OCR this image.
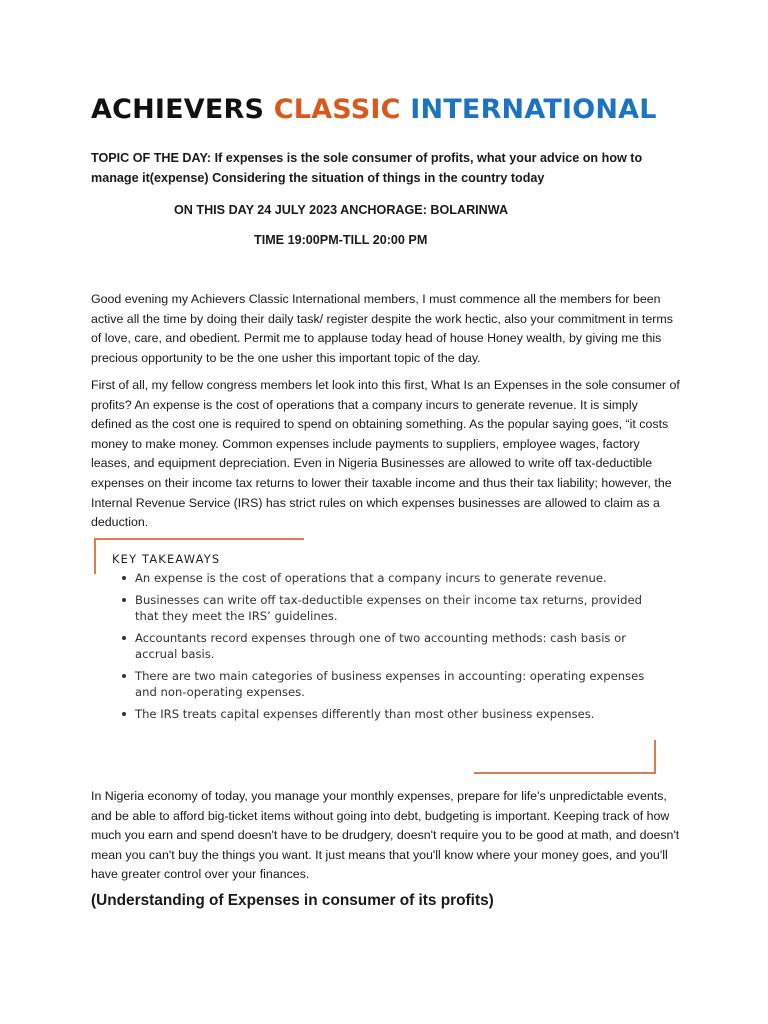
ACHIEVERS CLASSIC INTERNATIONAL

TOPIC OF THE DAY: If expenses is the sole consumer of profits, what your advice on how to manage it(expense) Considering the situation of things in the country today

ON THIS DAY 24 JULY 2023 ANCHORAGE: BOLARINWA

TIME 19:00PM-TILL 20:00 PM

Good evening my Achievers Classic International members, I must commence all the members for been active all the time by doing their daily task/ register despite the work hectic, also your commitment in terms of love, care, and obedient. Permit me to applause today head of house Honey wealth, by giving me this precious opportunity to be the one usher this important topic of the day.

First of all, my fellow congress members let look into this first, What Is an Expenses in the sole consumer of profits? An expense is the cost of operations that a company incurs to generate revenue. It is simply defined as the cost one is required to spend on obtaining something. As the popular saying goes, “it costs money to make money. Common expenses include payments to suppliers, employee wages, factory leases, and equipment depreciation. Even in Nigeria Businesses are allowed to write off tax-deductible expenses on their income tax returns to lower their taxable income and thus their tax liability; however, the Internal Revenue Service (IRS) has strict rules on which expenses businesses are allowed to claim as a deduction.

KEY TAKEAWAYS
An expense is the cost of operations that a company incurs to generate revenue.
Businesses can write off tax-deductible expenses on their income tax returns, provided that they meet the IRS’ guidelines.
Accountants record expenses through one of two accounting methods: cash basis or accrual basis.
There are two main categories of business expenses in accounting: operating expenses and non-operating expenses.
The IRS treats capital expenses differently than most other business expenses.

In Nigeria economy of today, you manage your monthly expenses, prepare for life's unpredictable events, and be able to afford big-ticket items without going into debt, budgeting is important. Keeping track of how much you earn and spend doesn't have to be drudgery, doesn't require you to be good at math, and doesn't mean you can't buy the things you want. It just means that you'll know where your money goes, and you'll have greater control over your finances.

(Understanding of Expenses in consumer of its profits)
